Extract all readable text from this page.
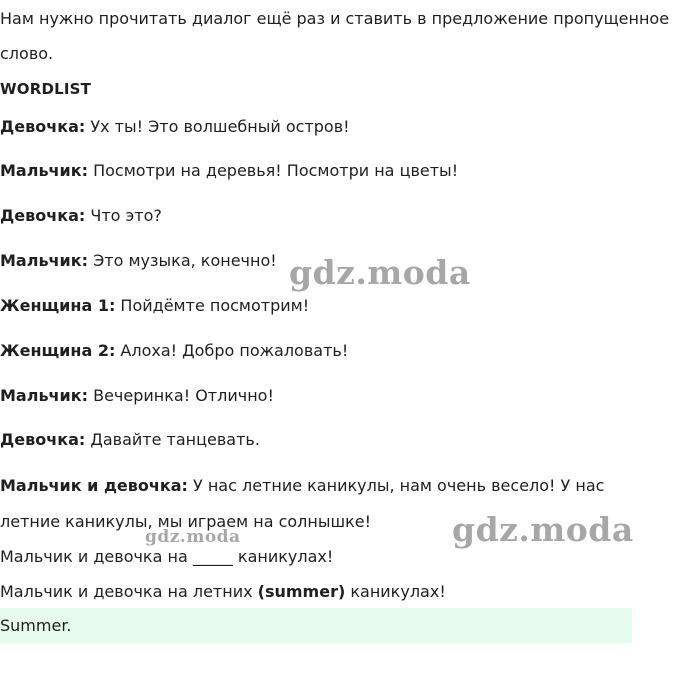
Нам нужно прочитать диалог ещё раз и ставить в предложение пропущенное слово.
WORDLIST
Девочка: Ух ты! Это волшебный остров!
Мальчик: Посмотри на деревья! Посмотри на цветы!
Девочка: Что это?
Мальчик: Это музыка, конечно!
Женщина 1: Пойдёмте посмотрим!
Женщина 2: Алоха! Добро пожаловать!
Мальчик: Вечеринка! Отлично!
Девочка: Давайте танцевать.
Мальчик и девочка: У нас летние каникулы, нам очень весело! У нас летние каникулы, мы играем на солнышке!
Мальчик и девочка на _____ каникулах!
Мальчик и девочка на летних (summer) каникулах!
Summer.
gdz.moda
gdz.moda
gdz.moda
